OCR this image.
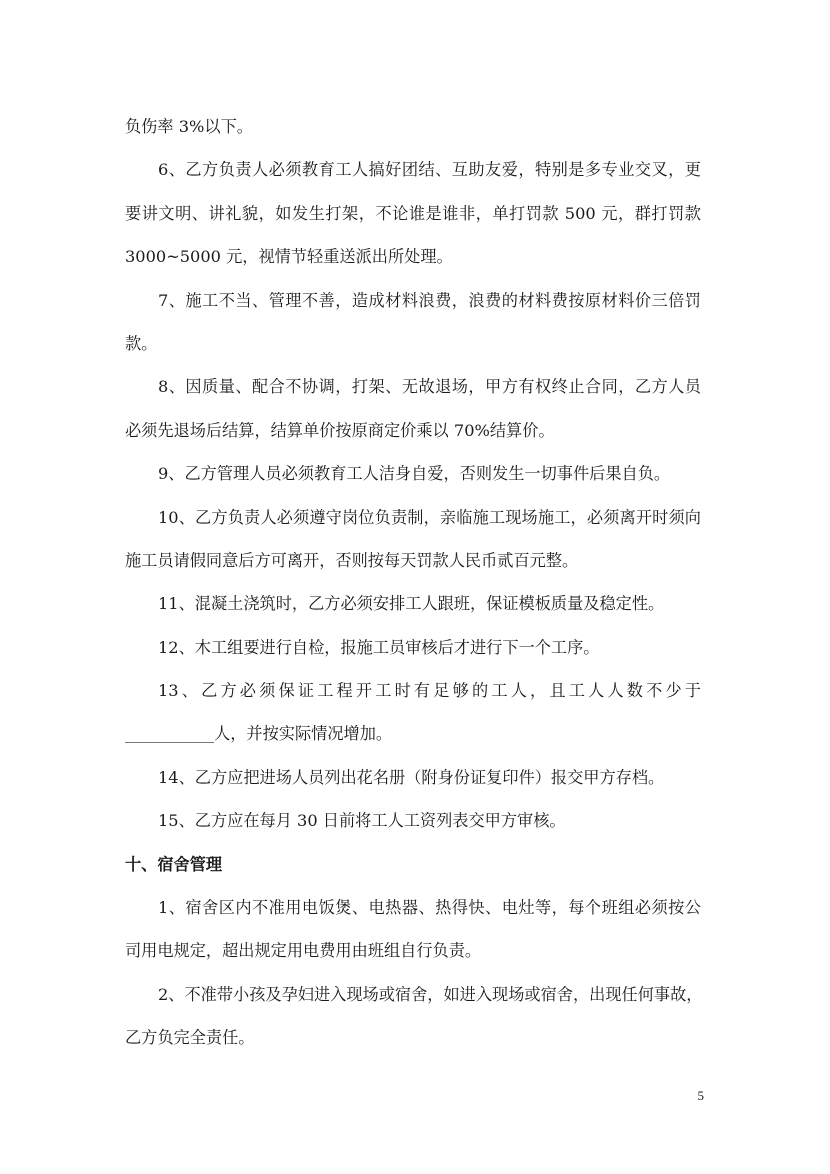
负伤率 3%以下。
6、乙方负责人必须教育工人搞好团结、互助友爱，特别是多专业交叉，更
要讲文明、讲礼貌，如发生打架，不论谁是谁非，单打罚款 500 元，群打罚款
3000~5000 元，视情节轻重送派出所处理。
7、施工不当、管理不善，造成材料浪费，浪费的材料费按原材料价三倍罚
款。
8、因质量、配合不协调，打架、无故退场，甲方有权终止合同，乙方人员
必须先退场后结算，结算单价按原商定价乘以 70%结算价。
9、乙方管理人员必须教育工人洁身自爱，否则发生一切事件后果自负。
10、乙方负责人必须遵守岗位负责制，亲临施工现场施工，必须离开时须向
施工员请假同意后方可离开，否则按每天罚款人民币贰百元整。
11、混凝土浇筑时，乙方必须安排工人跟班，保证模板质量及稳定性。
12、木工组要进行自检，报施工员审核后才进行下一个工序。
13、乙方必须保证工程开工时有足够的工人，且工人人数不少于
___________人，并按实际情况增加。
14、乙方应把进场人员列出花名册（附身份证复印件）报交甲方存档。
15、乙方应在每月 30 日前将工人工资列表交甲方审核。
十、宿舍管理
1、宿舍区内不准用电饭煲、电热器、热得快、电灶等，每个班组必须按公
司用电规定，超出规定用电费用由班组自行负责。
2、不准带小孩及孕妇进入现场或宿舍，如进入现场或宿舍，出现任何事故，
乙方负完全责任。
5
